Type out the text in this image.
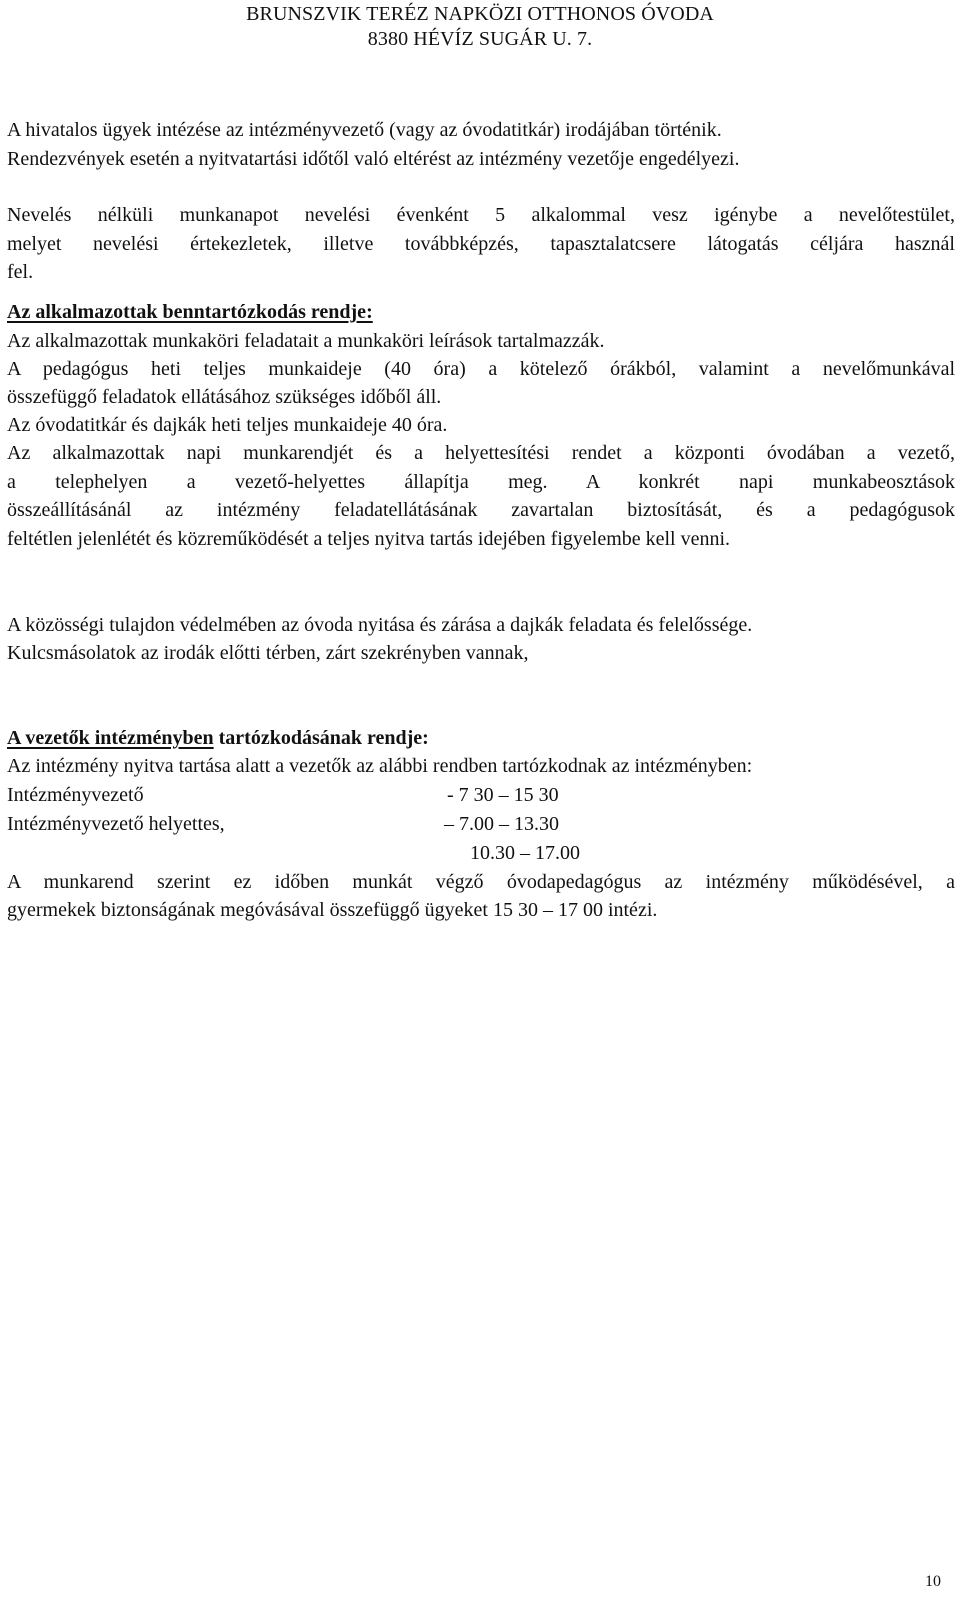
BRUNSZVIK TERÉZ NAPKÖZI OTTHONOS ÓVODA
8380 HÉVÍZ SUGÁR U. 7.
A hivatalos ügyek intézése az intézményvezető (vagy az óvodatitkár) irodájában történik.
Rendezvények esetén a nyitvatartási időtől való eltérést az intézmény vezetője engedélyezi.
Nevelés nélküli munkanapot nevelési évenként 5 alkalommal vesz igénybe a nevelőtestület,
melyet nevelési értekezletek, illetve továbbképzés, tapasztalatcsere látogatás céljára használ
fel.
Az alkalmazottak benntartózkodás rendje:
Az alkalmazottak munkaköri feladatait a munkaköri leírások tartalmazzák.
A pedagógus heti teljes munkaideje (40 óra) a kötelező órákból, valamint a nevelőmunkával
összefüggő feladatok ellátásához szükséges időből áll.
Az óvodatitkár és dajkák heti teljes munkaideje 40 óra.
Az alkalmazottak napi munkarendjét és a helyettesítési rendet a központi óvodában a vezető,
a telephelyen a vezető-helyettes állapítja meg. A konkrét napi munkabeosztások
összeállításánál az intézmény feladatellátásának zavartalan biztosítását, és a pedagógusok
feltétlen jelenlétét és közreműködését a teljes nyitva tartás idejében figyelembe kell venni.
A közösségi tulajdon védelmében az óvoda nyitása és zárása a dajkák feladata és felelőssége.
Kulcsmásolatok az irodák előtti térben, zárt szekrényben vannak,
A vezetők intézményben tartózkodásának rendje:
Az intézmény nyitva tartása alatt a vezetők az alábbi rendben tartózkodnak az intézményben:
Intézményvezető	- 7 30 – 15 30
Intézményvezető helyettes,	– 7.00 – 13.30
10.30 – 17.00
A munkarend szerint ez időben munkát végző óvodapedagógus az intézmény működésével, a
gyermekek biztonságának megóvásával összefüggő ügyeket 15 30 – 17 00 intézi.
10
